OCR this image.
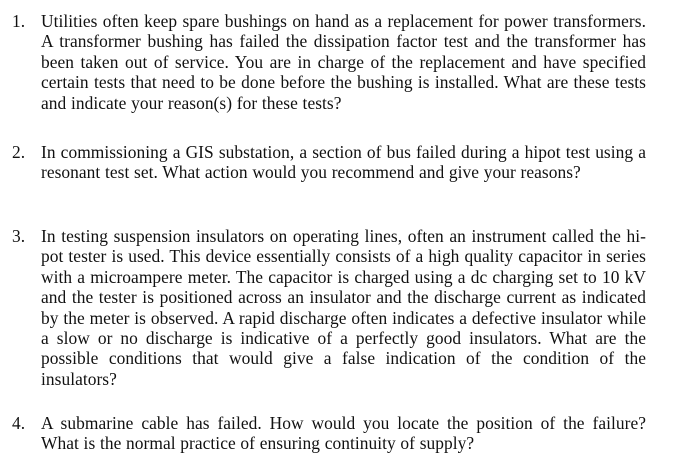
1. Utilities often keep spare bushings on hand as a replacement for power transformers. A transformer bushing has failed the dissipation factor test and the transformer has been taken out of service. You are in charge of the replacement and have specified certain tests that need to be done before the bushing is installed. What are these tests and indicate your reason(s) for these tests?
2. In commissioning a GIS substation, a section of bus failed during a hipot test using a resonant test set. What action would you recommend and give your reasons?
3. In testing suspension insulators on operating lines, often an instrument called the hi-pot tester is used. This device essentially consists of a high quality capacitor in series with a microampere meter. The capacitor is charged using a dc charging set to 10 kV and the tester is positioned across an insulator and the discharge current as indicated by the meter is observed. A rapid discharge often indicates a defective insulator while a slow or no discharge is indicative of a perfectly good insulators. What are the possible conditions that would give a false indication of the condition of the insulators?
4. A submarine cable has failed. How would you locate the position of the failure? What is the normal practice of ensuring continuity of supply?
